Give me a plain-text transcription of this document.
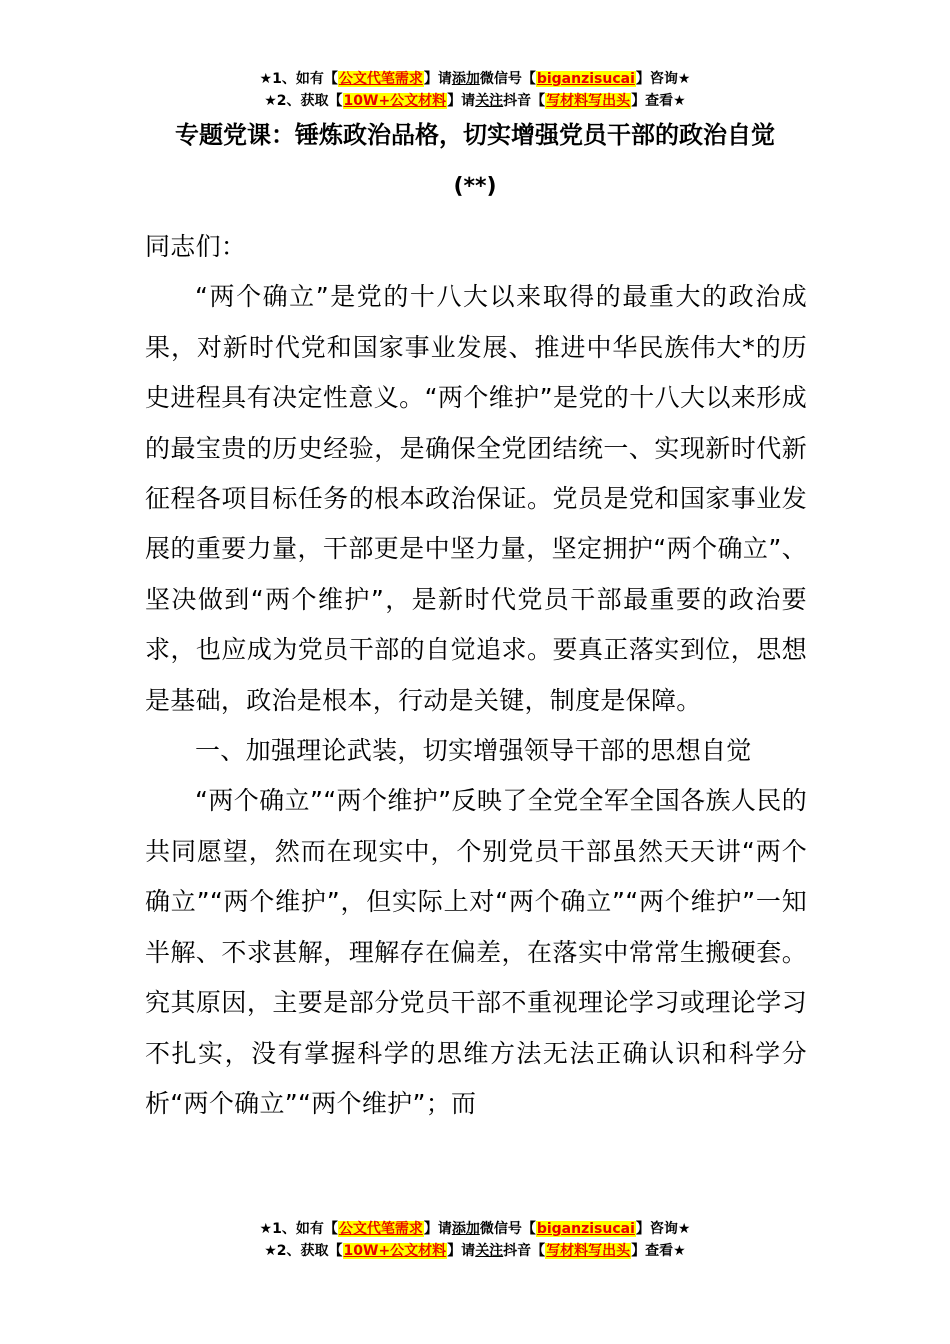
★1、如有【公文代笔需求】请添加微信号【biganzisucai】咨询★
★2、获取【10W+公文材料】请关注抖音【写材料写出头】查看★
专题党课：锤炼政治品格，切实增强党员干部的政治自觉
(**)

同志们：

“两个确立”是党的十八大以来取得的最重大的政治成果，对新时代党和国家事业发展、推进中华民族伟大*的历史进程具有决定性意义。“两个维护”是党的十八大以来形成的最宝贵的历史经验，是确保全党团结统一、实现新时代新征程各项目标任务的根本政治保证。党员是党和国家事业发展的重要力量，干部更是中坚力量，坚定拥护“两个确立”、坚决做到“两个维护”，是新时代党员干部最重要的政治要求，也应成为党员干部的自觉追求。要真正落实到位，思想是基础，政治是根本，行动是关键，制度是保障。

一、加强理论武装，切实增强领导干部的思想自觉

“两个确立”“两个维护”反映了全党全军全国各族人民的共同愿望，然而在现实中，个别党员干部虽然天天讲“两个确立”“两个维护”，但实际上对“两个确立”“两个维护”一知半解、不求甚解，理解存在偏差，在落实中常常生搬硬套。究其原因，主要是部分党员干部不重视理论学习或理论学习不扎实，没有掌握科学的思维方法无法正确认识和科学分析“两个确立”“两个维护”；而

★1、如有【公文代笔需求】请添加微信号【biganzisucai】咨询★
★2、获取【10W+公文材料】请关注抖音【写材料写出头】查看★
